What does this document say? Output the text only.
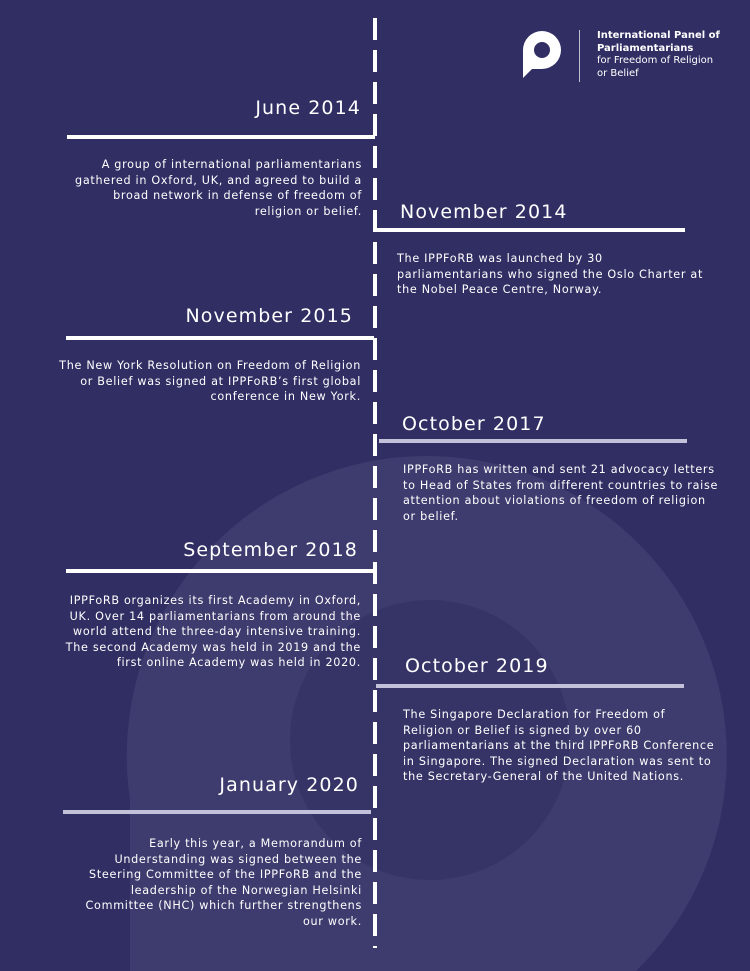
International Panel of
Parliamentarians
for Freedom of Religion
or Belief
June 2014
A group of international parliamentarians gathered in Oxford, UK, and agreed to build a broad network in defense of freedom of religion or belief. November 2014
The IPPFoRB was launched by 30 parliamentarians who signed the Oslo Charter at the Nobel Peace Centre, Norway.
November 2015
The New York Resolution on Freedom of Religion or Belief was signed at IPPFoRB’s first global conference in New York.
October 2017
IPPFoRB has written and sent 21 advocacy letters to Head of States from different countries to raise attention about violations of freedom of religion or belief.
September 2018
IPPFoRB organizes its first Academy in Oxford, UK. Over 14 parliamentarians from around the world attend the three-day intensive training. The second Academy was held in 2019 and the first online Academy was held in 2020. October 2019
The Singapore Declaration for Freedom of Religion or Belief is signed by over 60 parliamentarians at the third IPPFoRB Conference in Singapore. The signed Declaration was sent to the Secretary-General of the United Nations.
January 2020
Early this year, a Memorandum of Understanding was signed between the Steering Committee of the IPPFoRB and the leadership of the Norwegian Helsinki Committee (NHC) which further strengthens our work.
